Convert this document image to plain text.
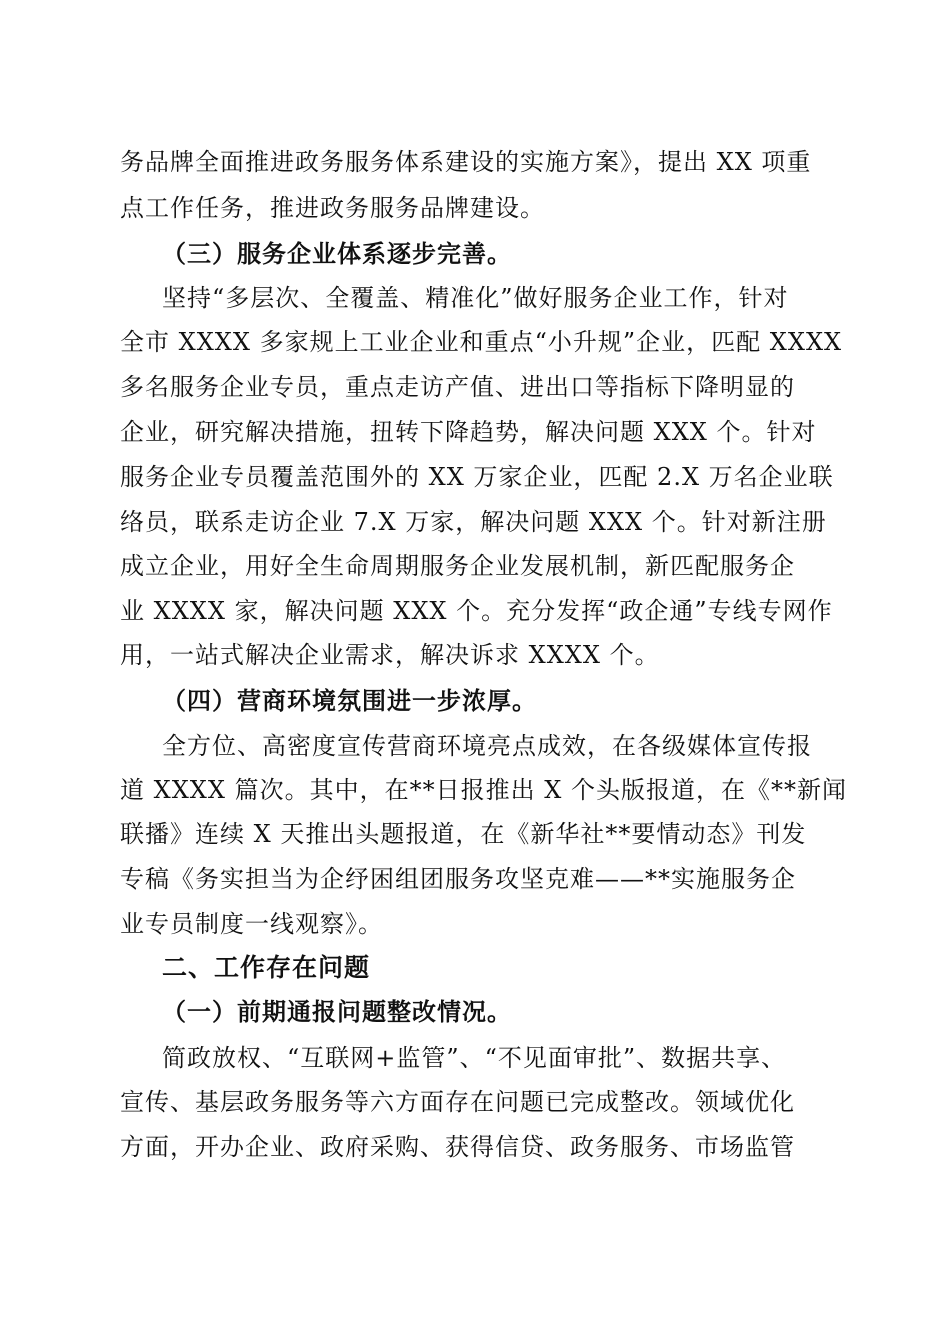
务品牌全面推进政务服务体系建设的实施方案》，提出 XX 项重
点工作任务，推进政务服务品牌建设。
（三）服务企业体系逐步完善。
坚持“多层次、全覆盖、精准化”做好服务企业工作，针对
全市 XXXX 多家规上工业企业和重点“小升规”企业，匹配 XXXX
多名服务企业专员，重点走访产值、进出口等指标下降明显的
企业，研究解决措施，扭转下降趋势，解决问题 XXX 个。针对
服务企业专员覆盖范围外的 XX 万家企业，匹配 2.X 万名企业联
络员，联系走访企业 7.X 万家，解决问题 XXX 个。针对新注册
成立企业，用好全生命周期服务企业发展机制，新匹配服务企
业 XXXX 家，解决问题 XXX 个。充分发挥“政企通”专线专网作
用，一站式解决企业需求，解决诉求 XXXX 个。
（四）营商环境氛围进一步浓厚。
全方位、高密度宣传营商环境亮点成效，在各级媒体宣传报
道 XXXX 篇次。其中，在**日报推出 X 个头版报道，在《**新闻
联播》连续 X 天推出头题报道，在《新华社**要情动态》刊发
专稿《务实担当为企纾困组团服务攻坚克难——**实施服务企
业专员制度一线观察》。
二、工作存在问题
（一）前期通报问题整改情况。
简政放权、“互联网+监管”、“不见面审批”、数据共享、
宣传、基层政务服务等六方面存在问题已完成整改。领域优化
方面，开办企业、政府采购、获得信贷、政务服务、市场监管
